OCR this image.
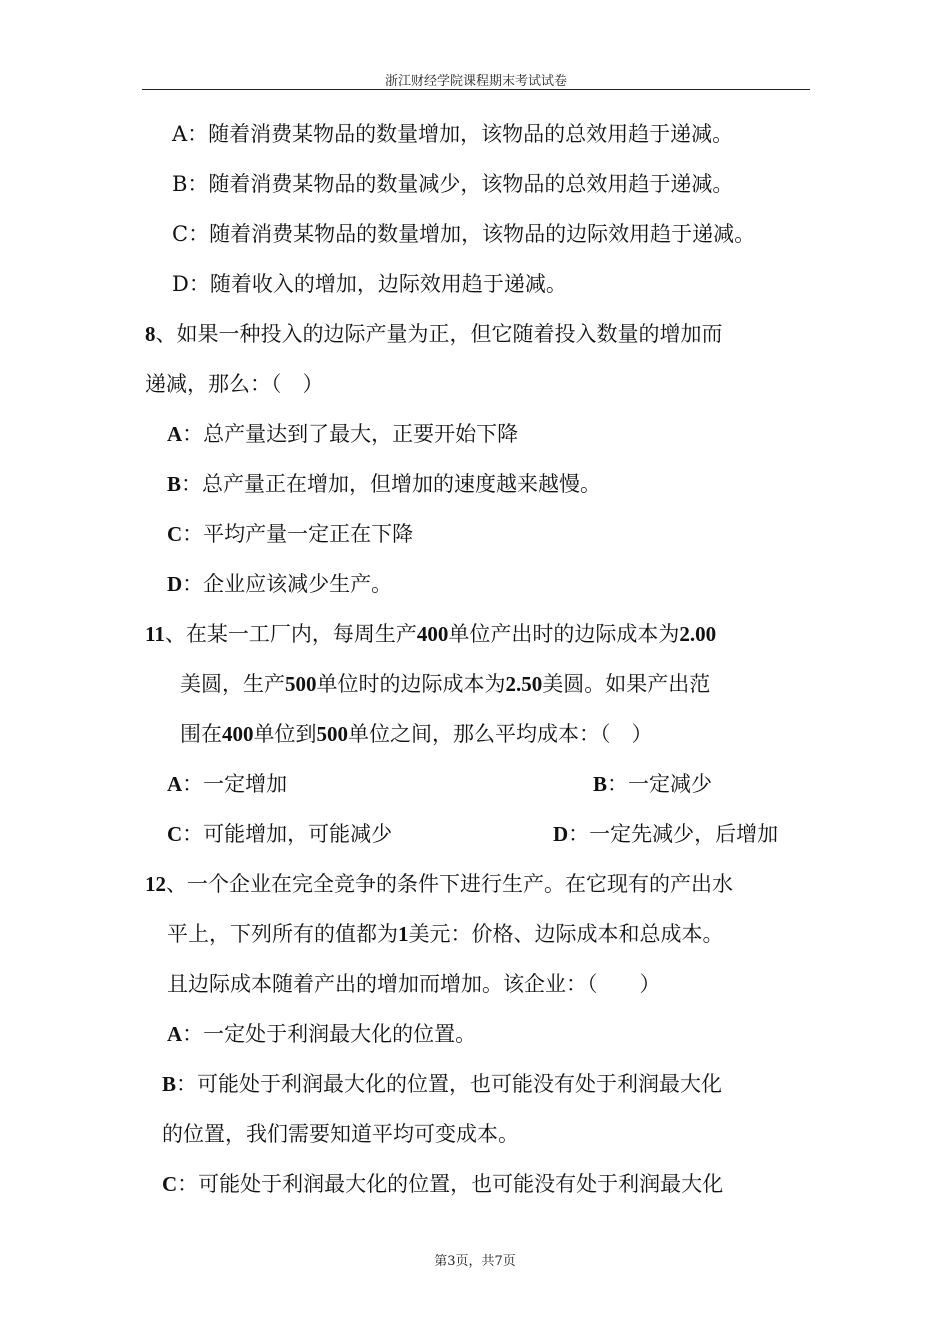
浙江财经学院课程期末考试试卷
A：随着消费某物品的数量增加，该物品的总效用趋于递减。
B：随着消费某物品的数量减少，该物品的总效用趋于递减。
C：随着消费某物品的数量增加，该物品的边际效用趋于递减。
D：随着收入的增加，边际效用趋于递减。
8、如果一种投入的边际产量为正，但它随着投入数量的增加而
递减，那么：（　）
A：总产量达到了最大，正要开始下降
B：总产量正在增加，但增加的速度越来越慢。
C：平均产量一定正在下降
D：企业应该减少生产。
11、在某一工厂内，每周生产400单位产出时的边际成本为2.00
美圆，生产500单位时的边际成本为2.50美圆。如果产出范
围在400单位到500单位之间，那么平均成本：（　）
A：一定增加	B：一定减少
C：可能增加，可能减少	D：一定先减少，后增加
12、一个企业在完全竞争的条件下进行生产。在它现有的产出水
平上，下列所有的值都为1美元：价格、边际成本和总成本。
且边际成本随着产出的增加而增加。该企业：（　　）
A：一定处于利润最大化的位置。
B：可能处于利润最大化的位置，也可能没有处于利润最大化
的位置，我们需要知道平均可变成本。
C：可能处于利润最大化的位置，也可能没有处于利润最大化
第3页，共7页
